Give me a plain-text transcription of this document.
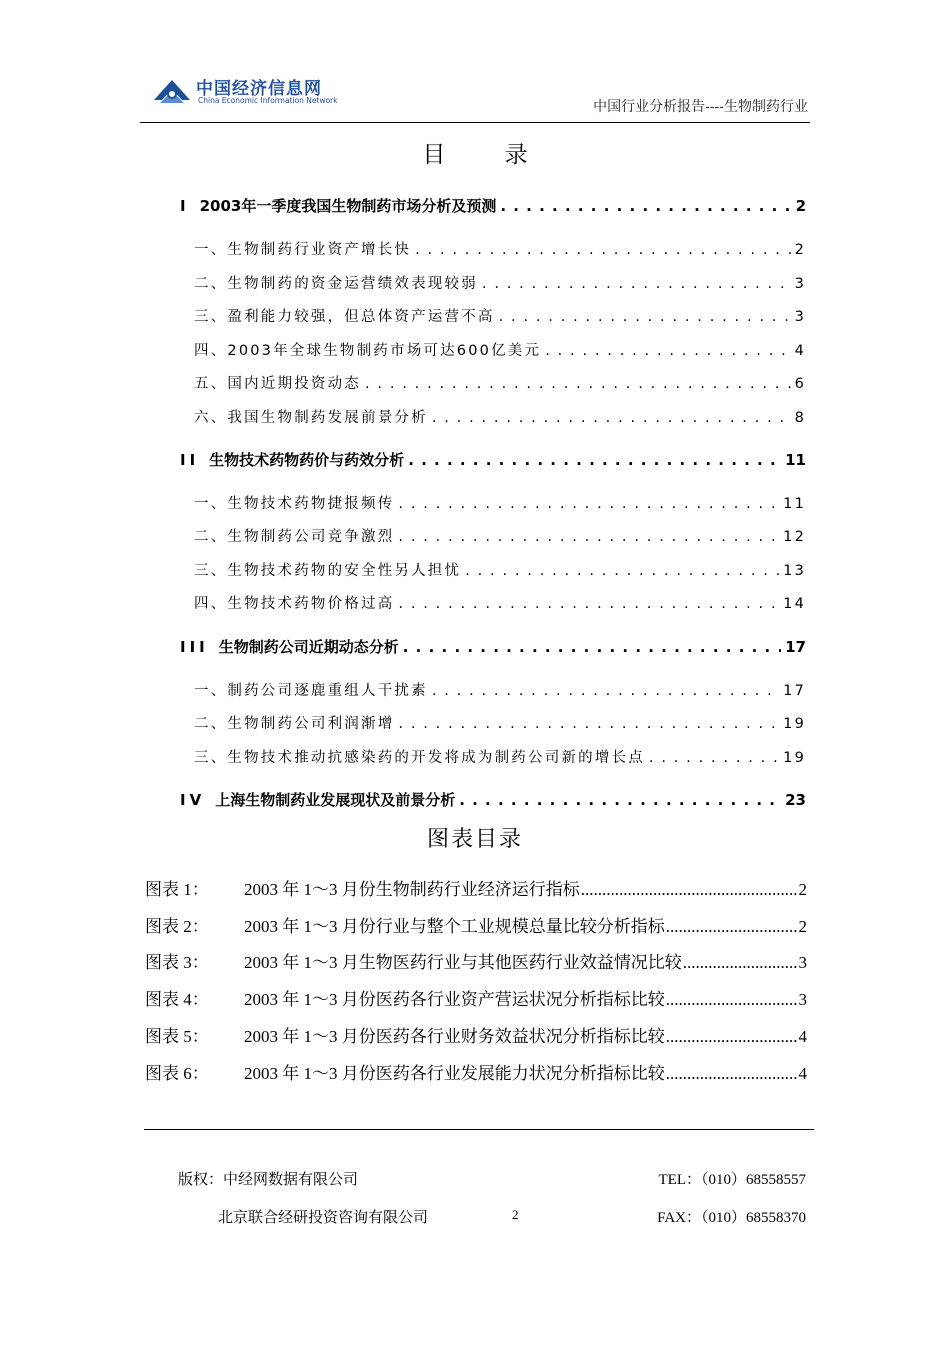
中国经济信息网
China Economic Information Network	中国行业分析报告----生物制药行业
目 录
I 2003年一季度我国生物制药市场分析及预测 . . .	2
一、生物制药行业资产增长快 . . .	2
二、生物制药的资金运营绩效表现较弱 . . .	3
三、盈利能力较强，但总体资产运营不高 . . .	3
四、2003年全球生物制药市场可达600亿美元 . . .	4
五、国内近期投资动态 . . .	6
六、我国生物制药发展前景分析 . . .	8
II 生物技术药物药价与药效分析 . . .	11
一、生物技术药物捷报频传 . . .	11
二、生物制药公司竞争激烈 . . .	12
三、生物技术药物的安全性另人担忧 . . .	13
四、生物技术药物价格过高 . . .	14
III 生物制药公司近期动态分析 . . .	17
一、制药公司逐鹿重组人干扰素 . . .	17
二、生物制药公司利润渐增 . . .	19
三、生物技术推动抗感染药的开发将成为制药公司新的增长点 . . .	19
IV 上海生物制药业发展现状及前景分析 . . .	23
图表目录
图表 1：	2003 年 1～3 月份生物制药行业经济运行指标 .....	2
图表 2：	2003 年 1～3 月份行业与整个工业规模总量比较分析指标 .....	2
图表 3：	2003 年 1～3 月生物医药行业与其他医药行业效益情况比较 .....	3
图表 4：	2003 年 1～3 月份医药各行业资产营运状况分析指标比较 .....	3
图表 5：	2003 年 1～3 月份医药各行业财务效益状况分析指标比较 .....	4
图表 6：	2003 年 1～3 月份医药各行业发展能力状况分析指标比较 .....	4
版权：中经网数据有限公司	TEL：（010）68558557
北京联合经研投资咨询有限公司	2	FAX：（010）68558370
